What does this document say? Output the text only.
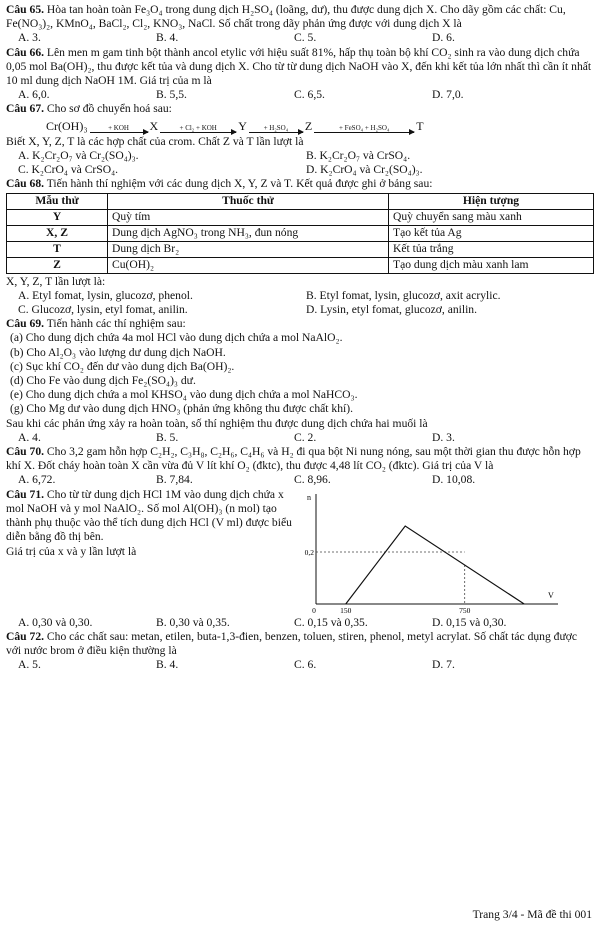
Câu 65. Hòa tan hoàn toàn Fe₃O₄ trong dung dịch H₂SO₄ (loãng, dư), thu được dung dịch X. Cho dãy gồm các chất: Cu, Fe(NO₃)₂, KMnO₄, BaCl₂, Cl₂, KNO₃, NaCl. Số chất trong dãy phản ứng được với dung dịch X là

A. 3.	B. 4.	C. 5.	D. 6.

Câu 66. Lên men m gam tinh bột thành ancol etylic với hiệu suất 81%, hấp thụ toàn bộ khí CO₂ sinh ra vào dung dịch chứa 0,05 mol Ba(OH)₂, thu được kết tủa và dung dịch X. Cho từ từ dung dịch NaOH vào X, đến khi kết tủa lớn nhất thì cần ít nhất 10 ml dung dịch NaOH 1M. Giá trị của m là

A. 6,0.	B. 5,5.	C. 6,5.	D. 7,0.

Câu 67. Cho sơ đồ chuyển hoá sau:

Cr(OH)₃	+ KOH X	+ Cl₂ + KOH Y + H₂SO₄ Z	+ FeSO₄ + H₂SO₄ T

Biết X, Y, Z, T là các hợp chất của crom. Chất Z và T lần lượt là

A. K₂Cr₂O₇ và Cr₂(SO₄)₃.	B. K₂Cr₂O₇ và CrSO₄.
C. K₂CrO₄ và CrSO₄.	D. K₂CrO₄ và Cr₂(SO₄)₃.

Câu 68. Tiến hành thí nghiệm với các dung dịch X, Y, Z và T. Kết quả được ghi ở bảng sau:

Mẫu thử	Thuốc thử	Hiện tượng
Y	Quỳ tím	Quỳ chuyển sang màu xanh
X, Z	Dung dịch AgNO₃ trong NH₃, đun nóng	Tạo kết tủa Ag
T	Dung dịch Br₂	Kết tủa trắng
Z	Cu(OH)₂	Tạo dung dịch màu xanh lam

X, Y, Z, T lần lượt là:

A. Etyl fomat, lysin, glucozơ, phenol.	B. Etyl fomat, lysin, glucozơ, axit acrylic.
C. Glucozơ, lysin, etyl fomat, anilin.	D. Lysin, etyl fomat, glucozơ, anilin.

Câu 69. Tiến hành các thí nghiệm sau:

(a) Cho dung dịch chứa 4a mol HCl vào dung dịch chứa a mol NaAlO₂.

(b) Cho Al₂O₃ vào lượng dư dung dịch NaOH.

(c) Sục khí CO₂ đến dư vào dung dịch Ba(OH)₂.

(d) Cho Fe vào dung dịch Fe₂(SO₄)₃ dư.

(e) Cho dung dịch chứa a mol KHSO₄ vào dung dịch chứa a mol NaHCO₃.

(g) Cho Mg dư vào dung dịch HNO₃ (phản ứng không thu được chất khí).

Sau khi các phản ứng xảy ra hoàn toàn, số thí nghiệm thu được dung dịch chứa hai muối là

A. 4.	B. 5.	C. 2.	D. 3.

Câu 70. Cho 3,2 gam hỗn hợp C₂H₂, C₃H₈, C₂H₆, C₄H₆ và H₂ đi qua bột Ni nung nóng, sau một thời gian thu được hỗn hợp khí X. Đốt cháy hoàn toàn X cần vừa đủ V lít khí O₂ (đktc), thu được 4,48 lít CO₂ (đktc). Giá trị của V là

A. 6,72.	B. 7,84.	C. 8,96.	D. 10,08.

Câu 71. Cho từ từ dung dịch HCl 1M vào dung dịch chứa x mol NaOH và y mol NaAlO₂. Số mol Al(OH)₃ (n mol) tạo thành phụ thuộc vào thể tích dung dịch HCl (V ml) được biểu diễn bằng đồ thị bên.

Giá trị của x và y lần lượt là

n
V
0,2
0	150	750
A. 0,30 và 0,30.	B. 0,30 và 0,35.	C. 0,15 và 0,35.	D. 0,15 và 0,30.

Câu 72. Cho các chất sau: metan, etilen, buta-1,3-đien, benzen, toluen, stiren, phenol, metyl acrylat. Số chất tác dụng được với nước brom ở điều kiện thường là

A. 5.	B. 4.	C. 6.	D. 7.
Trang 3/4 - Mã đề thi 001
